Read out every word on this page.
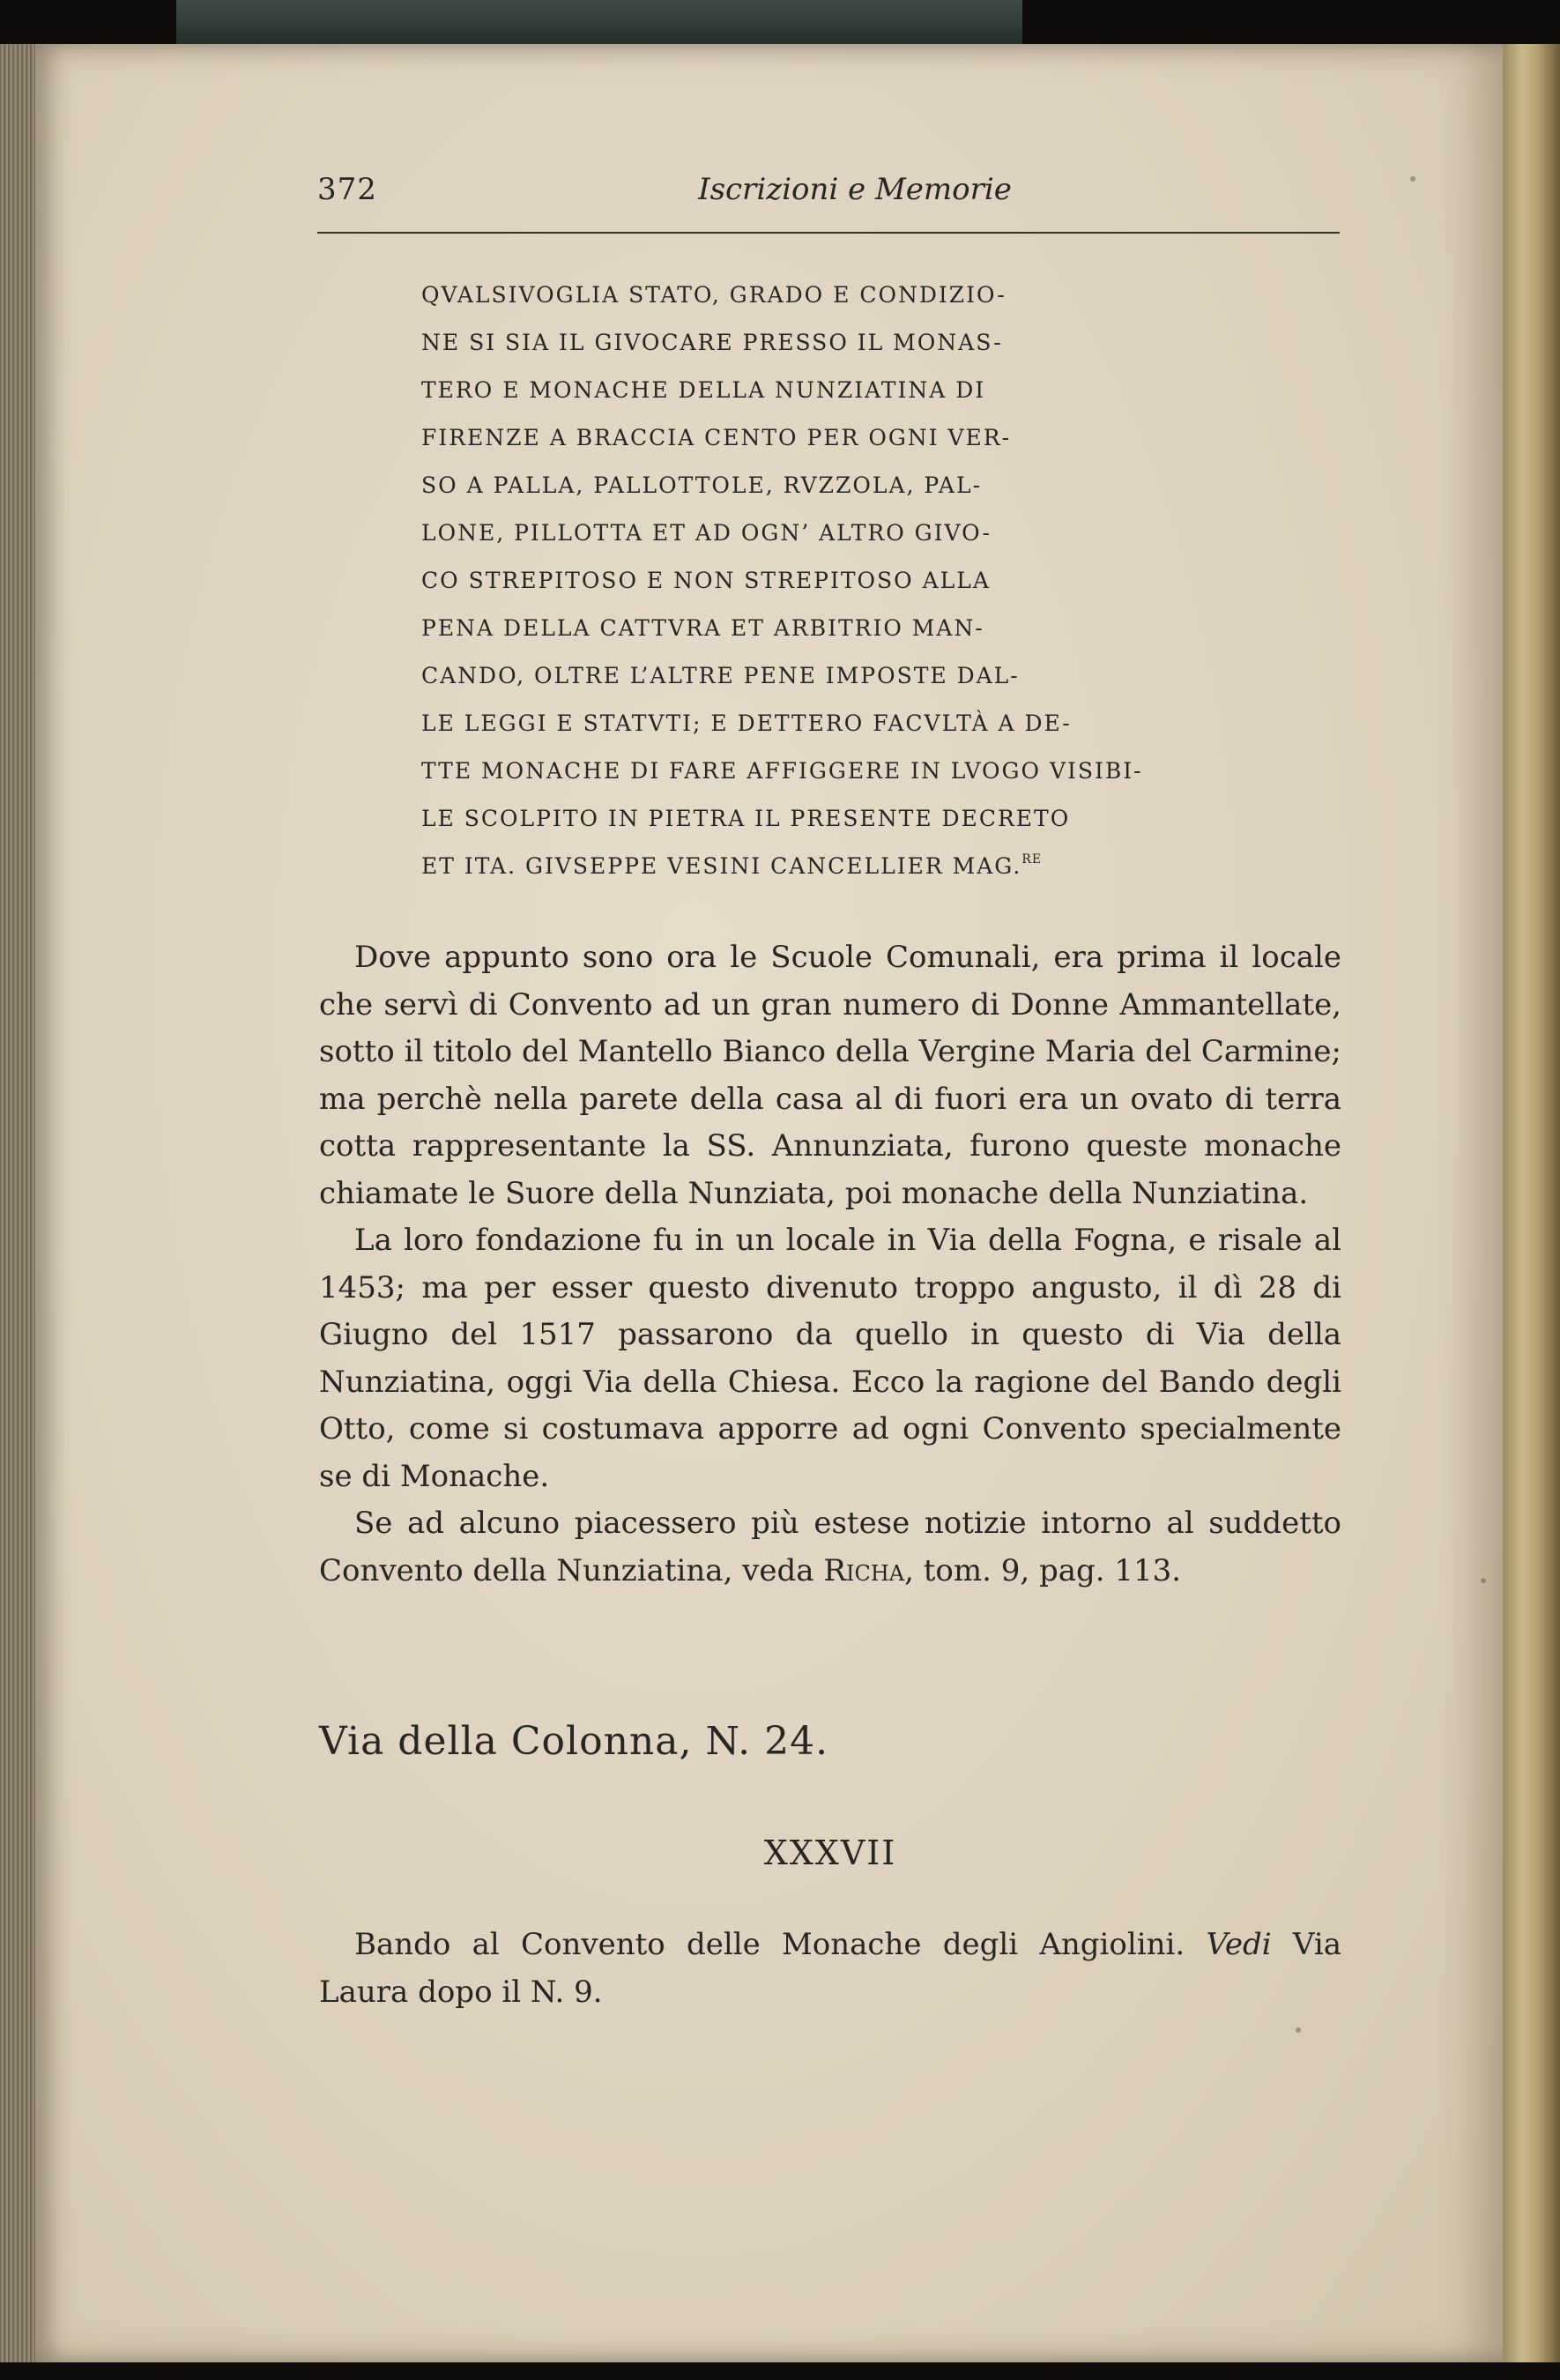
372	Iscrizioni e Memorie
QVALSIVOGLIA STATO, GRADO E CONDIZIO-
NE SI SIA IL GIVOCARE PRESSO IL MONAS-
TERO E MONACHE DELLA NUNZIATINA DI
FIRENZE A BRACCIA CENTO PER OGNI VER-
SO A PALLA, PALLOTTOLE, RVZZOLA, PAL-
LONE, PILLOTTA ET AD OGN’ ALTRO GIVO-
CO STREPITOSO E NON STREPITOSO ALLA
PENA DELLA CATTVRA ET ARBITRIO MAN-
CANDO, OLTRE L’ALTRE PENE IMPOSTE DAL-
LE LEGGI E STATVTI; E DETTERO FACVLTÀ A DE-
TTE MONACHE DI FARE AFFIGGERE IN LVOGO VISIBI-
LE SCOLPITO IN PIETRA IL PRESENTE DECRETO
ET ITA. GIVSEPPE VESINI CANCELLIER MAG.$^{RE}$

Dove appunto sono ora le Scuole Comunali, era prima il locale che servì di Convento ad un gran numero di Donne Ammantellate, sotto il titolo del Mantello Bianco della Vergine Maria del Carmine; ma perchè nella parete della casa al di fuori era un ovato di terra cotta rappresentante la SS. Annunziata, furono queste monache chiamate le Suore della Nunziata, poi monache della Nunziatina.

La loro fondazione fu in un locale in Via della Fogna, e risale al 1453; ma per esser questo divenuto troppo angusto, il dì 28 di Giugno del 1517 passarono da quello in questo di Via della Nunziatina, oggi Via della Chiesa. Ecco la ragione del Bando degli Otto, come si costumava apporre ad ogni Convento specialmente se di Monache.

Se ad alcuno piacessero più estese notizie intorno al suddetto Convento della Nunziatina, veda Richa, tom. 9, pag. 113.

Via della Colonna, N. 24.
XXXVII

Bando al Convento delle Monache degli Angiolini. Vedi Via Laura dopo il N. 9.
